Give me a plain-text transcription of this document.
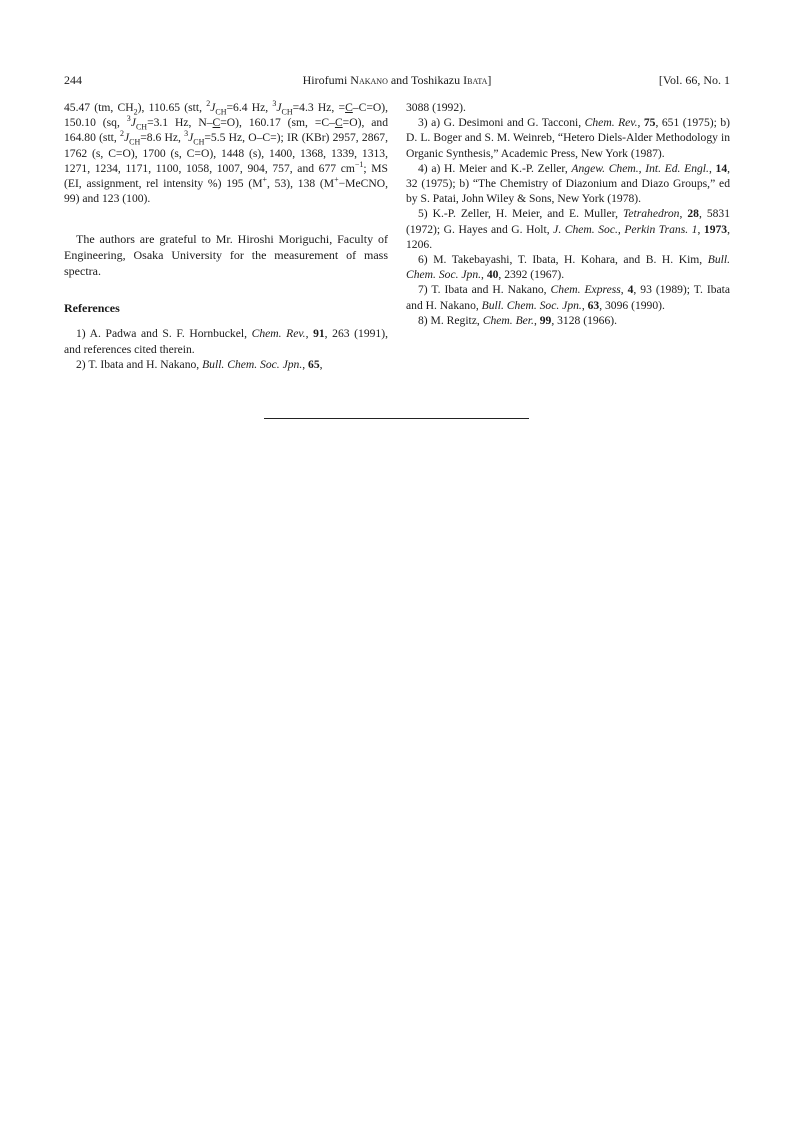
244	Hirofumi Nakano and Toshikazu Ibata]	[Vol. 66, No. 1

45.47 (tm, $CH_2$), 110.65 (stt, $^2J_{CH}=6.4$ Hz, $^3J_{CH}=4.3$ Hz, =C–C=O), 150.10 (sq, $^3J_{CH}=3.1$ Hz, N–C=O), 160.17 (sm, =C–C=O), and 164.80 (stt, $^2J_{CH}=8.6$ Hz, $^3J_{CH}=5.5$ Hz, O–C=); IR (KBr) 2957, 2867, 1762 (s, C=O), 1700 (s, C=O), 1448 (s), 1400, 1368, 1339, 1313, 1271, 1234, 1171, 1100, 1058, 1007, 904, 757, and 677 $cm^{-1}$; MS (EI, assignment, rel intensity %) 195 (M+, 53), 138 (M+−MeCNO, 99) and 123 (100).

The authors are grateful to Mr. Hiroshi Moriguchi, Faculty of Engineering, Osaka University for the measurement of mass spectra.

References

1) A. Padwa and S. F. Hornbuckel, Chem. Rev., 91, 263 (1991), and references cited therein.

2) T. Ibata and H. Nakano, Bull. Chem. Soc. Jpn., 65,

3088 (1992).

3) a) G. Desimoni and G. Tacconi, Chem. Rev., 75, 651 (1975); b) D. L. Boger and S. M. Weinreb, “Hetero Diels-Alder Methodology in Organic Synthesis,” Academic Press, New York (1987).

4) a) H. Meier and K.-P. Zeller, Angew. Chem., Int. Ed. Engl., 14, 32 (1975); b) “The Chemistry of Diazonium and Diazo Groups,” ed by S. Patai, John Wiley & Sons, New York (1978).

5) K.-P. Zeller, H. Meier, and E. Muller, Tetrahedron, 28, 5831 (1972); G. Hayes and G. Holt, J. Chem. Soc., Perkin Trans. 1, 1973, 1206.

6) M. Takebayashi, T. Ibata, H. Kohara, and B. H. Kim, Bull. Chem. Soc. Jpn., 40, 2392 (1967).

7) T. Ibata and H. Nakano, Chem. Express, 4, 93 (1989); T. Ibata and H. Nakano, Bull. Chem. Soc. Jpn., 63, 3096 (1990).

8) M. Regitz, Chem. Ber., 99, 3128 (1966).
